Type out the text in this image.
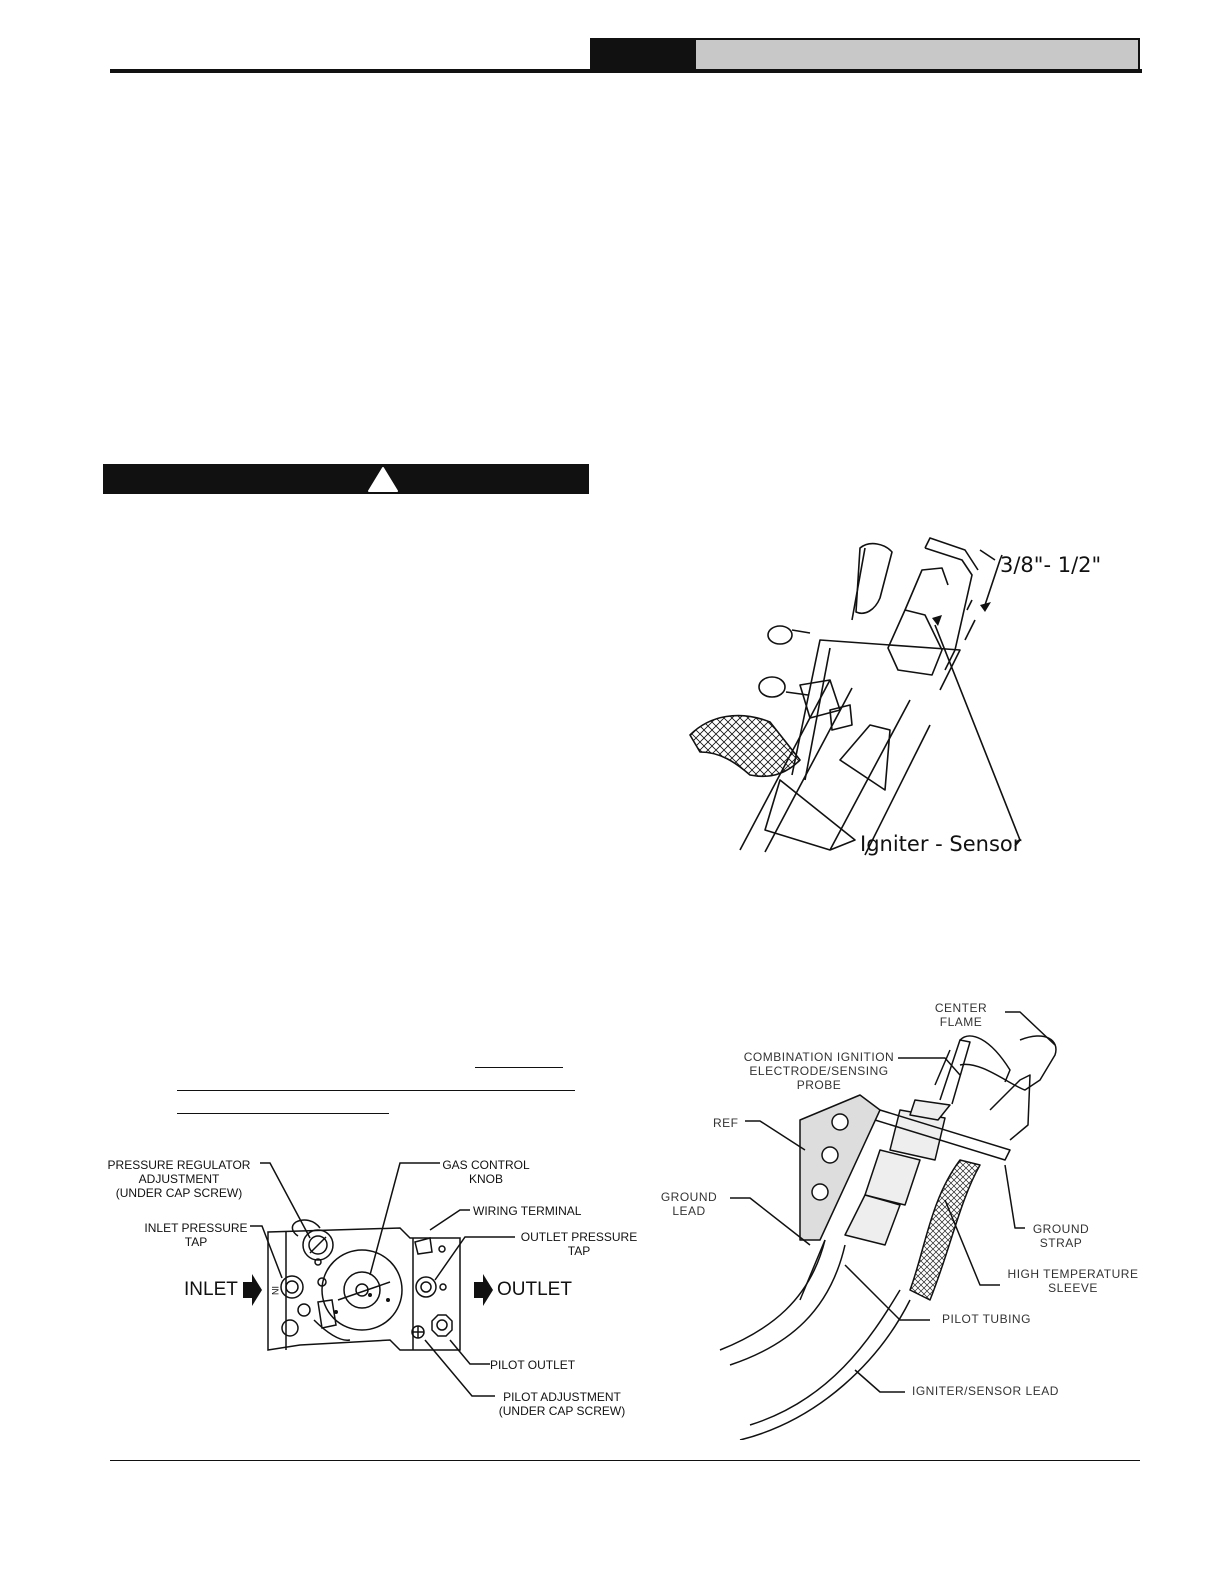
IN
PRESSURE REGULATOR
ADJUSTMENT
(UNDER CAP SCREW)
INLET PRESSURE
TAP
GAS CONTROL
KNOB
WIRING TERMINAL
OUTLET PRESSURE
TAP
INLET	OUTLET
PILOT OUTLET
PILOT ADJUSTMENT
(UNDER CAP SCREW)
3/8"- 1/2"
Igniter - Sensor
CENTER
FLAME
COMBINATION IGNITION
ELECTRODE/SENSING
PROBE
REF
GROUND
LEAD
GROUND
STRAP
HIGH TEMPERATURE
SLEEVE
PILOT TUBING
IGNITER/SENSOR LEAD
